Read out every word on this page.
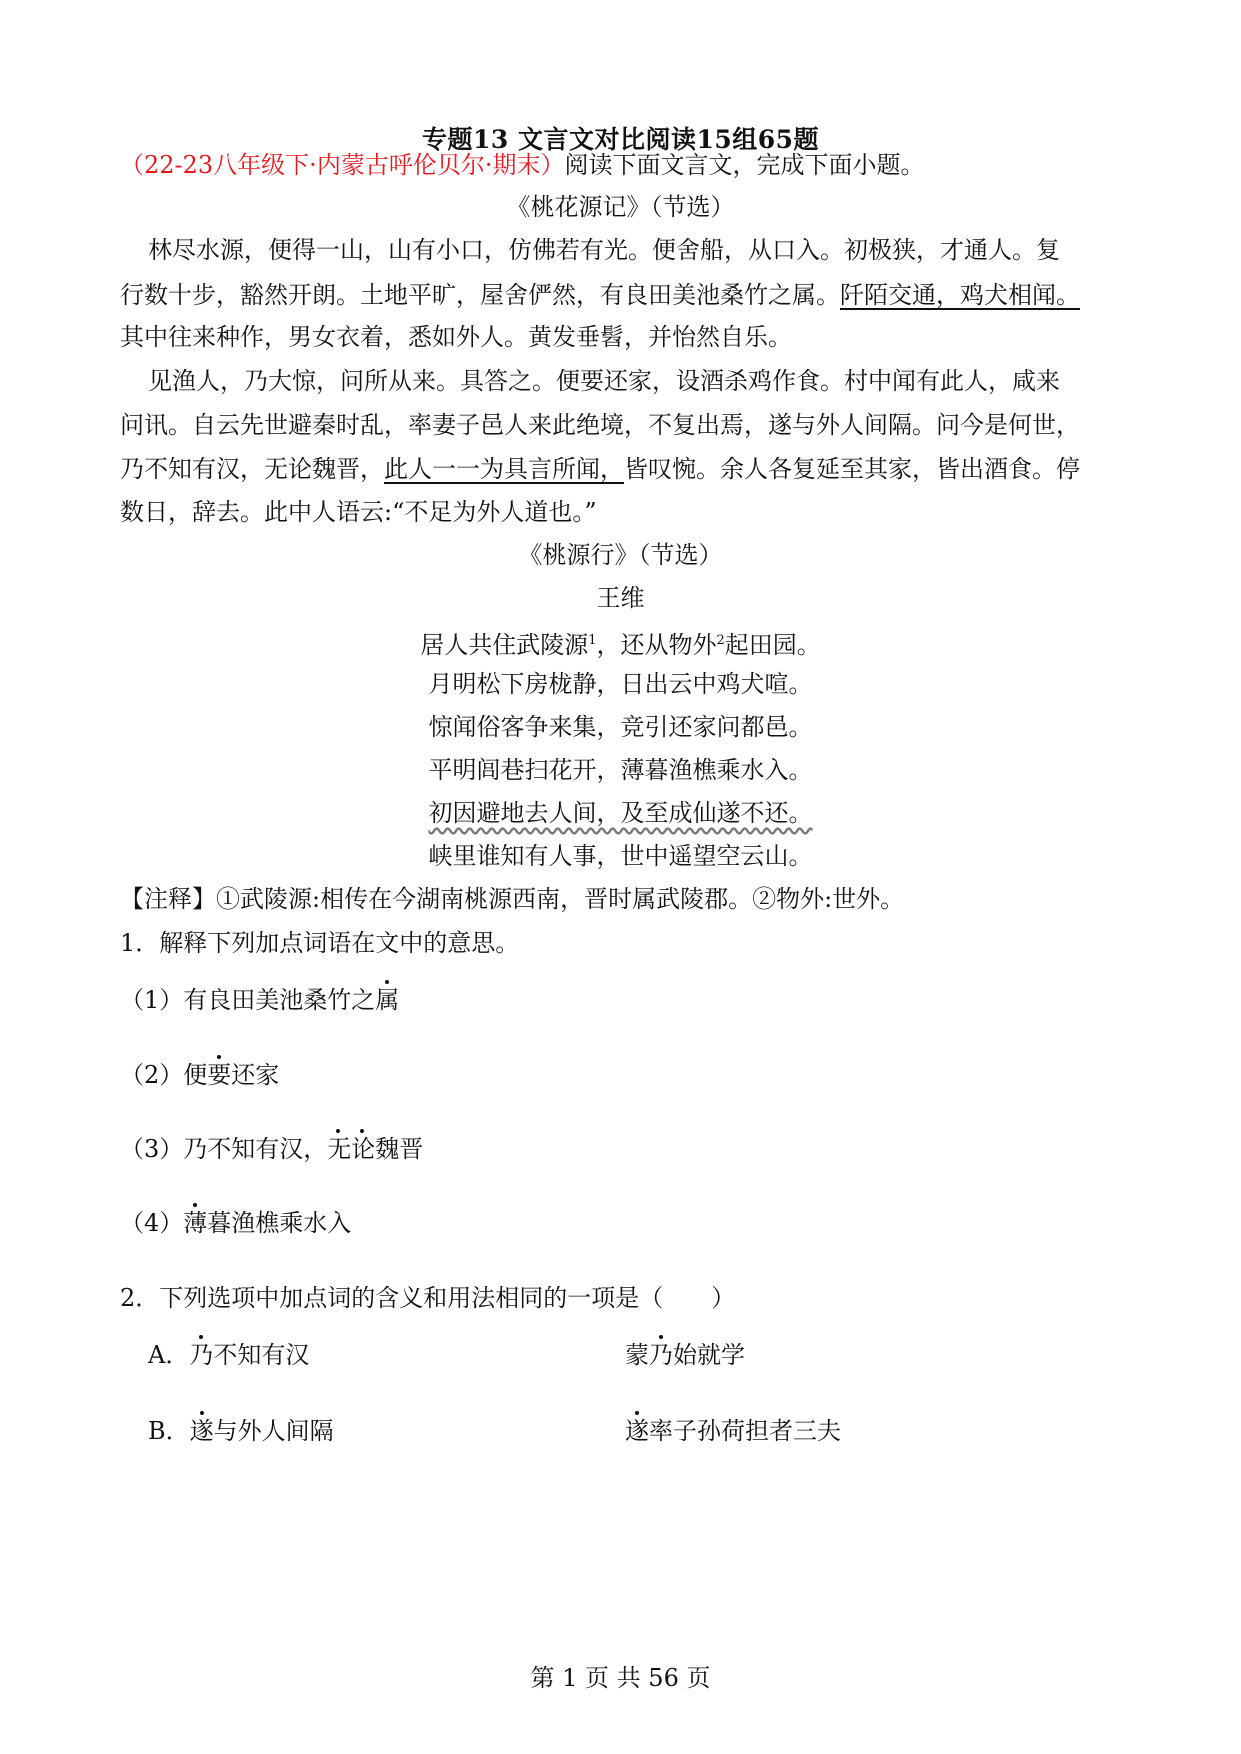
专题13 文言文对比阅读15组65题
（22-23八年级下·内蒙古呼伦贝尔·期末）阅读下面文言文，完成下面小题。
《桃花源记》（节选）
林尽水源，便得一山，山有小口，仿佛若有光。便舍船，从口入。初极狭，才通人。复
行数十步，豁然开朗。土地平旷，屋舍俨然，有良田美池桑竹之属。阡陌交通，鸡犬相闻。
其中往来种作，男女衣着，悉如外人。黄发垂髫，并怡然自乐。
见渔人，乃大惊，问所从来。具答之。便要还家，设酒杀鸡作食。村中闻有此人，咸来
问讯。自云先世避秦时乱，率妻子邑人来此绝境，不复出焉，遂与外人间隔。问今是何世，
乃不知有汉，无论魏晋，此人一一为具言所闻，皆叹惋。余人各复延至其家，皆出酒食。停
数日，辞去。此中人语云:“不足为外人道也。”
《桃源行》（节选）
王维
居人共住武陵源$^1$，还从物外$^2$起田园。
月明松下房栊静，日出云中鸡犬喧。
惊闻俗客争来集，竞引还家问都邑。
平明闾巷扫花开，薄暮渔樵乘水入。
初因避地去人间，及至成仙遂不还。
峡里谁知有人事，世中遥望空云山。
【注释】①武陵源:相传在今湖南桃源西南，晋时属武陵郡。②物外:世外。
1．解释下列加点词语在文中的意思。
（1）有良田美池桑竹之属
（2）便要还家
（3）乃不知有汉，无论
魏晋
（4）薄暮渔樵乘水入
2．下列选项中加点词的含义和用法相同的一项是（　　）
A．乃不知有汉	蒙乃始就学
B．遂与外人间隔	遂率子孙荷担者三夫
第 1 页 共 56 页
